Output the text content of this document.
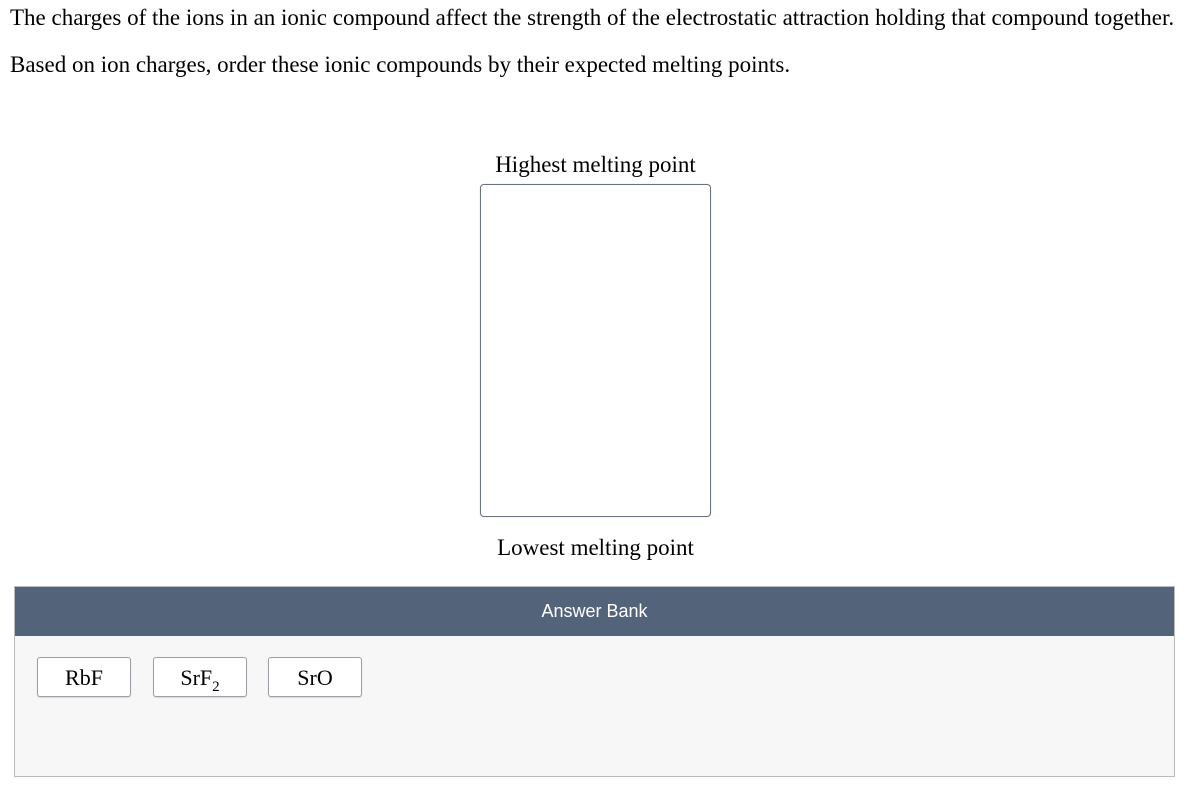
The charges of the ions in an ionic compound affect the strength of the electrostatic attraction holding that compound together.

Based on ion charges, order these ionic compounds by their expected melting points.

Highest melting point
Lowest melting point
Answer Bank
RbF	SrF$_2$	SrO
